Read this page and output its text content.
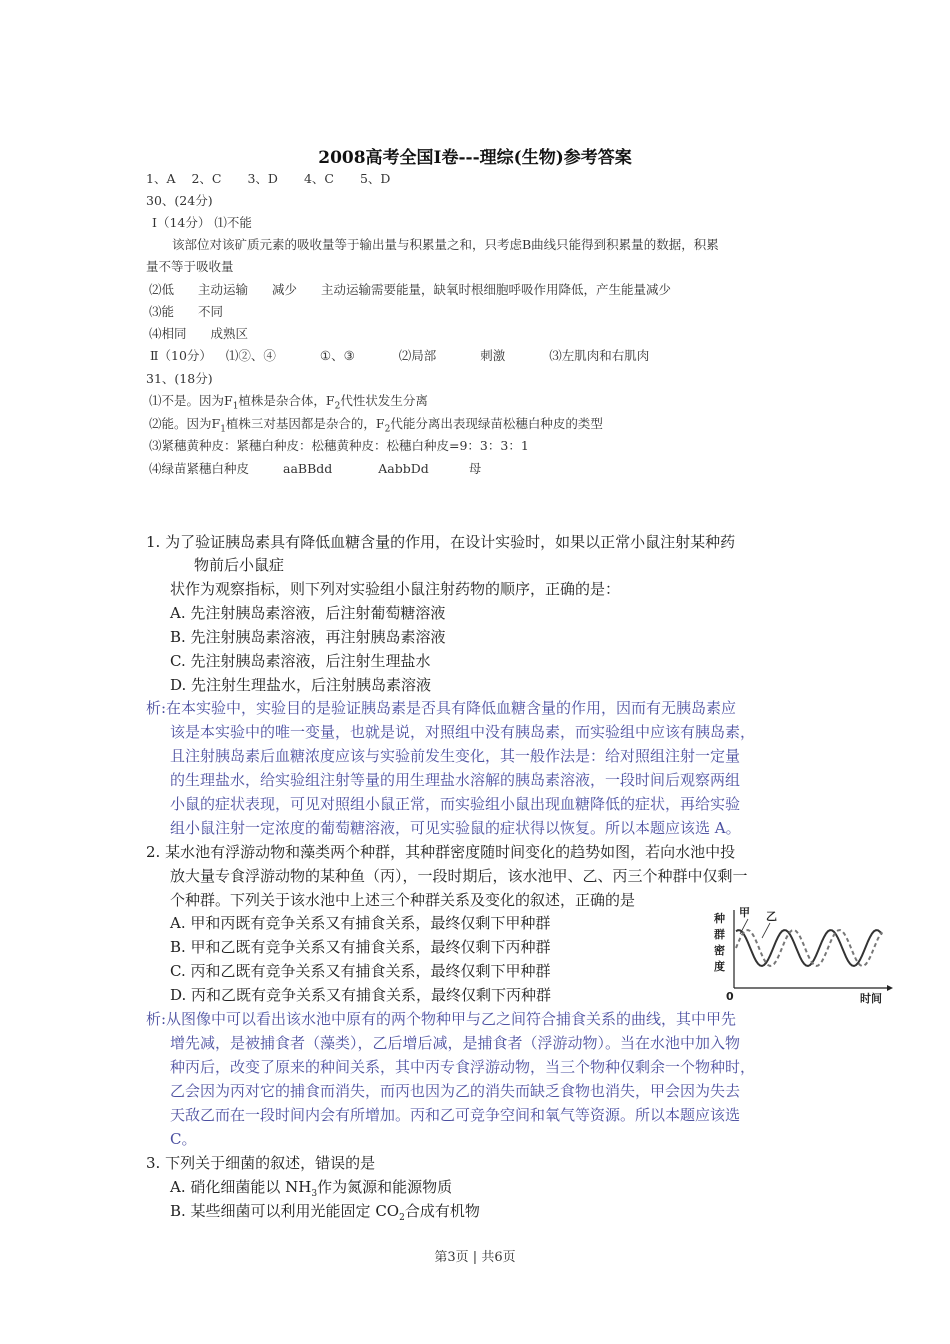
2008高考全国Ⅰ卷---理综(生物)参考答案
1、A 2、C 3、D 4、C 5、D
30、(24分)
Ⅰ（14分） ⑴不能
该部位对该矿质元素的吸收量等于输出量与积累量之和，只考虑B曲线只能得到积累量的数据，积累
量不等于吸收量
⑵低 主动运输 减少 主动运输需要能量，缺氧时根细胞呼吸作用降低，产生能量减少
⑶能 不同
⑷相同 成熟区
Ⅱ（10分） ⑴②、④	①、③	⑵局部	刺激	⑶左肌肉和右肌肉
31、(18分)
⑴不是。因为$F_1$植株是杂合体，$F_2$代性状发生分离
⑵能。因为$F_1$植株三对基因都是杂合的，$F_2$代能分离出表现绿苗松穗白种皮的类型
⑶紧穗黄种皮：紧穗白种皮：松穗黄种皮：松穗白种皮=9：3：3：1
⑷绿苗紧穗白种皮	aaBBdd	AabbDd	母
1. 为了验证胰岛素具有降低血糖含量的作用，在设计实验时，如果以正常小鼠注射某种药
物前后小鼠症
状作为观察指标，则下列对实验组小鼠注射药物的顺序，正确的是：
A. 先注射胰岛素溶液，后注射葡萄糖溶液
B. 先注射胰岛素溶液，再注射胰岛素溶液
C. 先注射胰岛素溶液，后注射生理盐水
D. 先注射生理盐水，后注射胰岛素溶液
析:在本实验中，实验目的是验证胰岛素是否具有降低血糖含量的作用，因而有无胰岛素应
该是本实验中的唯一变量，也就是说，对照组中没有胰岛素，而实验组中应该有胰岛素，
且注射胰岛素后血糖浓度应该与实验前发生变化，其一般作法是：给对照组注射一定量
的生理盐水，给实验组注射等量的用生理盐水溶解的胰岛素溶液，一段时间后观察两组
小鼠的症状表现，可见对照组小鼠正常，而实验组小鼠出现血糖降低的症状，再给实验
组小鼠注射一定浓度的葡萄糖溶液，可见实验鼠的症状得以恢复。所以本题应该选 A。
2. 某水池有浮游动物和藻类两个种群，其种群密度随时间变化的趋势如图，若向水池中投
放大量专食浮游动物的某种鱼（丙），一段时期后，该水池甲、乙、丙三个种群中仅剩一
个种群。下列关于该水池中上述三个种群关系及变化的叙述，正确的是
A. 甲和丙既有竞争关系又有捕食关系，最终仅剩下甲种群
B. 甲和乙既有竞争关系又有捕食关系，最终仅剩下丙种群
C. 丙和乙既有竞争关系又有捕食关系，最终仅剩下甲种群
D. 丙和乙既有竞争关系又有捕食关系，最终仅剩下丙种群
种
群
密
度
0	时间
甲 乙
析:从图像中可以看出该水池中原有的两个物种甲与乙之间符合捕食关系的曲线，其中甲先
增先减，是被捕食者（藻类），乙后增后减，是捕食者（浮游动物）。当在水池中加入物
种丙后，改变了原来的种间关系，其中丙专食浮游动物，当三个物种仅剩余一个物种时，
乙会因为丙对它的捕食而消失，而丙也因为乙的消失而缺乏食物也消失，甲会因为失去
天敌乙而在一段时间内会有所增加。丙和乙可竞争空间和氧气等资源。所以本题应该选
C。
3. 下列关于细菌的叙述，错误的是
A. 硝化细菌能以 $NH_3$作为氮源和能源物质
B. 某些细菌可以利用光能固定 $CO_2$合成有机物
第3页 | 共6页
